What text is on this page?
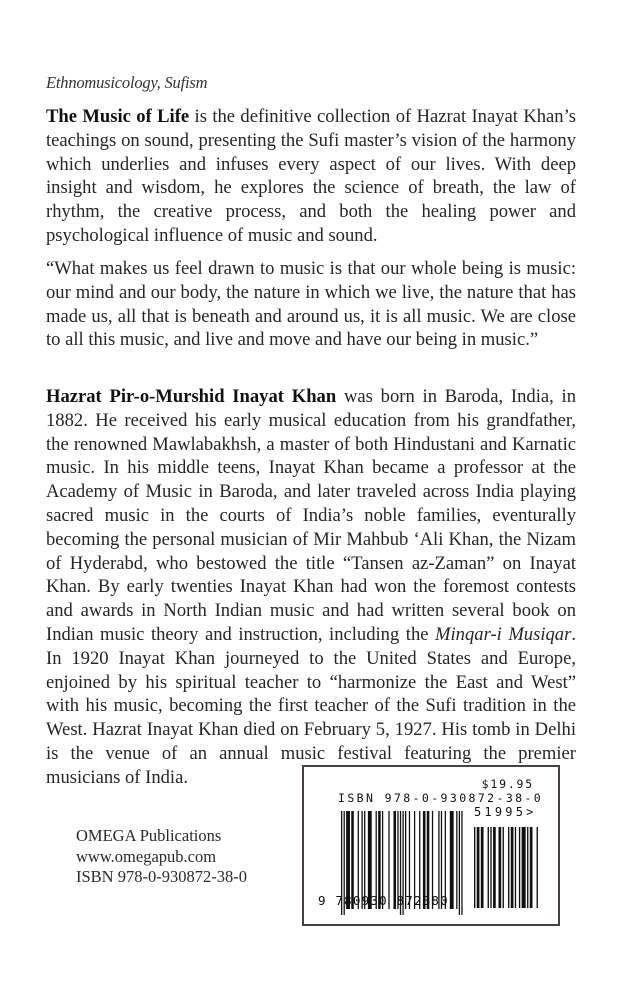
Ethnomusicology, Sufism

The Music of Life is the definitive collection of Hazrat Inayat Khan’s teachings on sound, presenting the Sufi master’s vision of the harmony which underlies and infuses every aspect of our lives. With deep insight and wisdom, he explores the science of breath, the law of rhythm, the creative process, and both the healing power and psychological influence of music and sound.

“What makes us feel drawn to music is that our whole being is music: our mind and our body, the nature in which we live, the nature that has made us, all that is beneath and around us, it is all music. We are close to all this music, and live and move and have our being in music.”

Hazrat Pir-o-Murshid Inayat Khan was born in Baroda, India, in 1882. He received his early musical education from his grandfather, the renowned Mawlabakhsh, a master of both Hindustani and Karnatic music. In his middle teens, Inayat Khan became a professor at the Academy of Music in Baroda, and later traveled across India playing sacred music in the courts of India’s noble families, eventurally becoming the personal musician of Mir Mahbub ‘Ali Khan, the Nizam of Hyderabd, who bestowed the title “Tansen az-Zaman” on Inayat Khan. By early twenties Inayat Khan had won the foremost contests and awards in North Indian music and had written several book on Indian music theory and instruction, including the Minqar-i Musiqar. In 1920 Inayat Khan journeyed to the United States and Europe, enjoined by his spiritual teacher to “harmonize the East and West” with his music, becoming the first teacher of the Sufi tradition in the West. Hazrat Inayat Khan died on February 5, 1927. His tomb in Delhi is the venue of an annual music festival featuring the premier musicians of India.

OMEGA Publications
www.omegapub.com
ISBN 978-0-930872-38-0
$19.95
ISBN 978-0-930872-38-0
51995>
9 780930 872380
